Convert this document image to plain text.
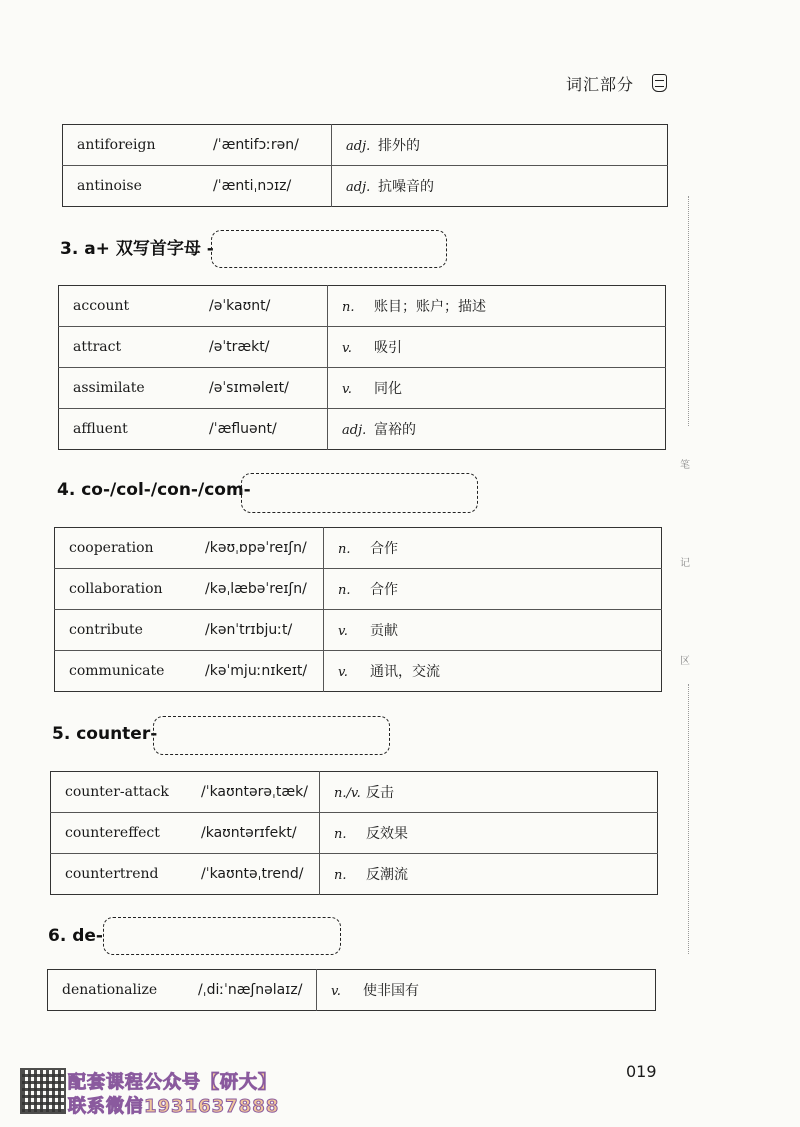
词汇部分
antiforeign	/ˈæntifɔːrən/	adj. 排外的
antinoise	/ˈæntiˌnɔɪz/	adj. 抗噪音的
3. a+ 双写首字母 -
account	/əˈkaʊnt/	n. 账目；账户；描述
attract	/əˈtrækt/	v. 吸引
assimilate	/əˈsɪməleɪt/	v. 同化
affluent	/ˈæfluənt/	adj. 富裕的
4. co-/col-/con-/com-
cooperation	/kəʊˌɒpəˈreɪʃn/	n. 合作
collaboration	/kəˌlæbəˈreɪʃn/	n. 合作
contribute	/kənˈtrɪbjuːt/	v. 贡献
communicate	/kəˈmjuːnɪkeɪt/	v. 通讯，交流
5. counter-
counter-attack	/ˈkaʊntərəˌtæk/	n./v. 反击
countereffect	/kaʊntərɪfekt/	n. 反效果
countertrend	/ˈkaʊntəˌtrend/	n. 反潮流
6. de-
denationalize	/ˌdiːˈnæʃnəlaɪz/	v. 使非国有
笔
记
区
019
配套课程公众号【研大】
联系微信1931637888
